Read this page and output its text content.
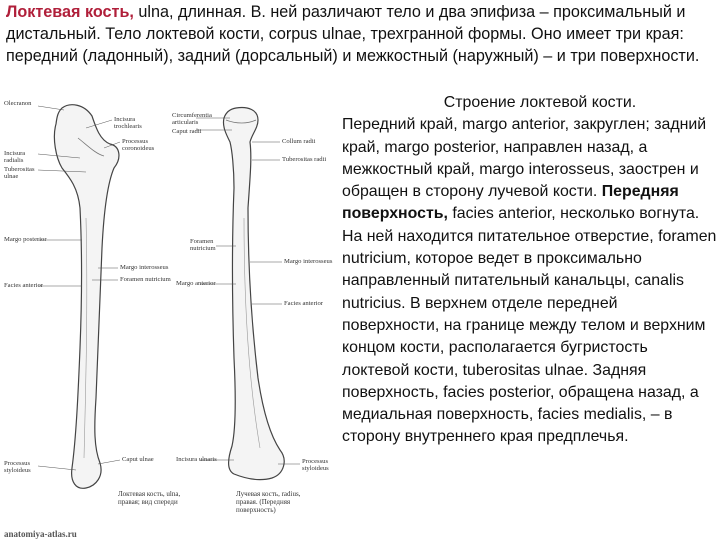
Локтевая кость, ulna, длинная. В. ней различают тело и два эпифиза – проксимальный и дистальный. Тело локтевой кости, corpus ulnae, трехгранной формы. Оно имеет три края: передний (ладонный), задний (дорсальный) и межкостный (наружный) – и три поверхности.

Olecranon
Incisura trochlearis
Processus coronoideus
Incisura radialis
Tuberositas ulnae
Margo posterior
Margo interosseus
Foramen nutricium
Facies anterior
Processus styloideus
Caput ulnae
Circumferentia articularis
Caput radii
Collum radii
Tuberositas radii
Foramen nutricium
Margo interosseus
Margo anterior
Facies anterior
Incisura ulnaris	Processus styloideus
Локтевая кость, ulna,
правая; вид спереди
Лучевая кость, radius,
правая. (Передняя
поверхность)
anatomiya-atlas.ru

Строение локтевой кости.
Передний край, margo anterior, закруглен; задний край, margo posterior, направлен назад, а межкостный край, margo interosseus, заострен и обращен в сторону лучевой кости. Передняя поверхность, facies anterior, несколько вогнута. На ней находится питательное отверстие, foramen nutricium, которое ведет в проксимально направленный питательный канальцы, canalis nutricius. В верхнем отделе передней поверхности, на границе между телом и верхним концом кости, располагается бугристость локтевой кости, tuberositas ulnae. Задняя поверхность, facies posterior, обращена назад, а медиальная поверхность, facies medialis, – в сторону внутреннего края предплечья.
